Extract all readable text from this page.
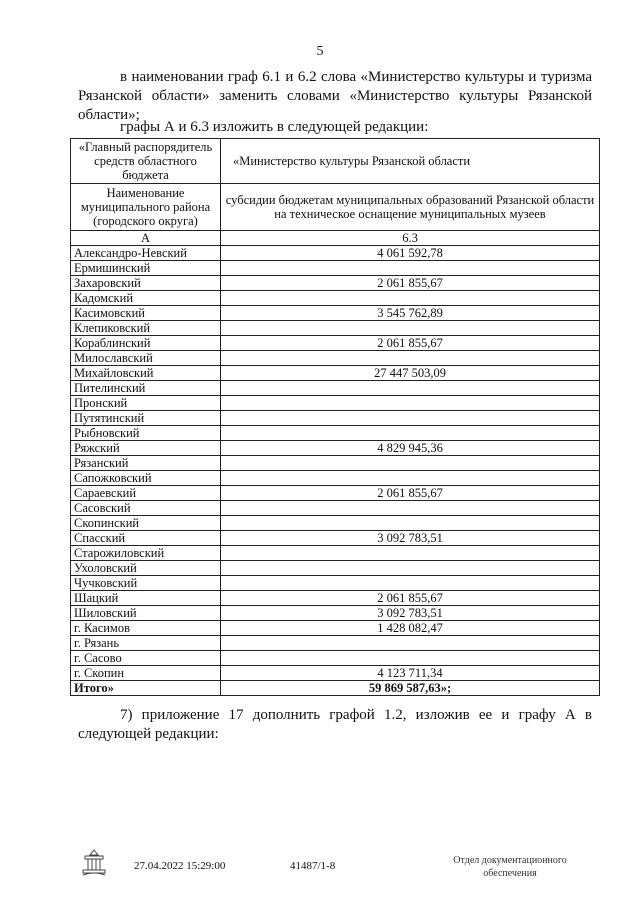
5
в наименовании граф 6.1 и 6.2 слова «Министерство культуры и туризма Рязанской области» заменить словами «Министерство культуры Рязанской области»;
графы А и 6.3 изложить в следующей редакции:
«Главный распорядитель средств областного бюджета	«Министерство культуры Рязанской области
Наименование муниципального района (городского округа)	субсидии бюджетам муниципальных образований Рязанской области на техническое оснащение муниципальных музеев
А	6.3
Александро-Невский	4 061 592,78
Ермишинский	
Захаровский	2 061 855,67
Кадомский	
Касимовский	3 545 762,89
Клепиковский	
Кораблинский	2 061 855,67
Милославский	
Михайловский	27 447 503,09
Пителинский	
Пронский	
Путятинский	
Рыбновский	
Ряжский	4 829 945,36
Рязанский	
Сапожковский	
Сараевский	2 061 855,67
Сасовский	
Скопинский	
Спасский	3 092 783,51
Старожиловский	
Ухоловский	
Чучковский	
Шацкий	2 061 855,67
Шиловский	3 092 783,51
г. Касимов	1 428 082,47
г. Рязань	
г. Сасово	
г. Скопин	4 123 711,34
Итого»	59 869 587,63»;
7) приложение 17 дополнить графой 1.2, изложив ее и графу А в следующей редакции:
27.04.2022 15:29:00	41487/1-8	Отдел документационного
обеспечения
